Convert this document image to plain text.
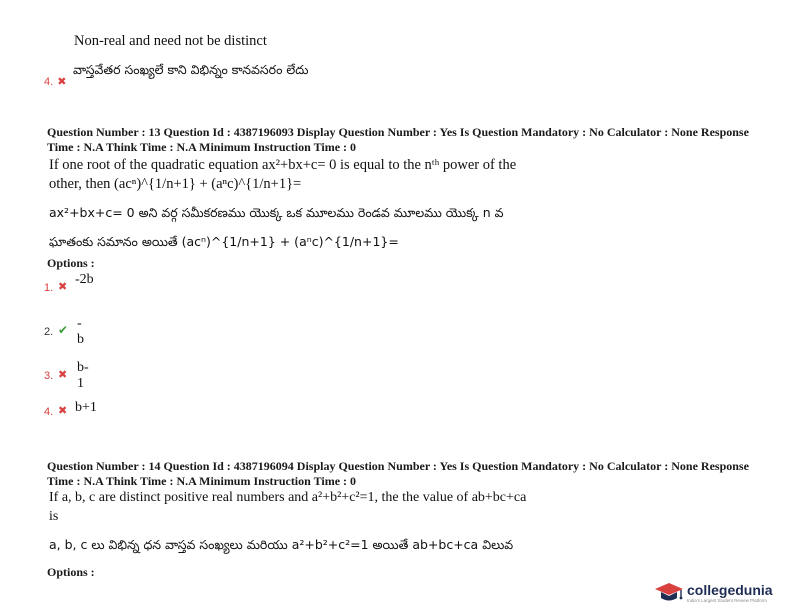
Non-real and need not be distinct
వాస్తవేతర సంఖ్యలే కాని విభిన్నం కానవసరం లేదు
4. ✖
Question Number : 13 Question Id : 4387196093 Display Question Number : Yes Is Question Mandatory : No Calculator : None Response
Time : N.A Think Time : N.A Minimum Instruction Time : 0
If one root of the quadratic equation ax²+bx+c= 0 is equal to the nᵗʰ power of the
other, then (acⁿ)^{1/n+1} + (aⁿc)^{1/n+1}=
ax²+bx+c= 0 అని వర్గ సమీకరణము యొక్క ఒక మూలము రెండవ మూలము యొక్క n వ
ఘాతంకు సమానం అయితే (acⁿ)^{1/n+1} + (aⁿc)^{1/n+1}=
Options :
1. ✖ -2b
2. ✔ -b
3. ✖ b-1
4. ✖ b+1
Question Number : 14 Question Id : 4387196094 Display Question Number : Yes Is Question Mandatory : No Calculator : None Response
Time : N.A Think Time : N.A Minimum Instruction Time : 0
If a, b, c are distinct positive real numbers and a²+b²+c²=1, the the value of ab+bc+ca
is
a, b, c లు విభిన్న ధన వాస్తవ సంఖ్యలు మరియు a²+b²+c²=1 అయితే ab+bc+ca విలువ
Options :
collegedunia
India's Largest Student Review Platform
